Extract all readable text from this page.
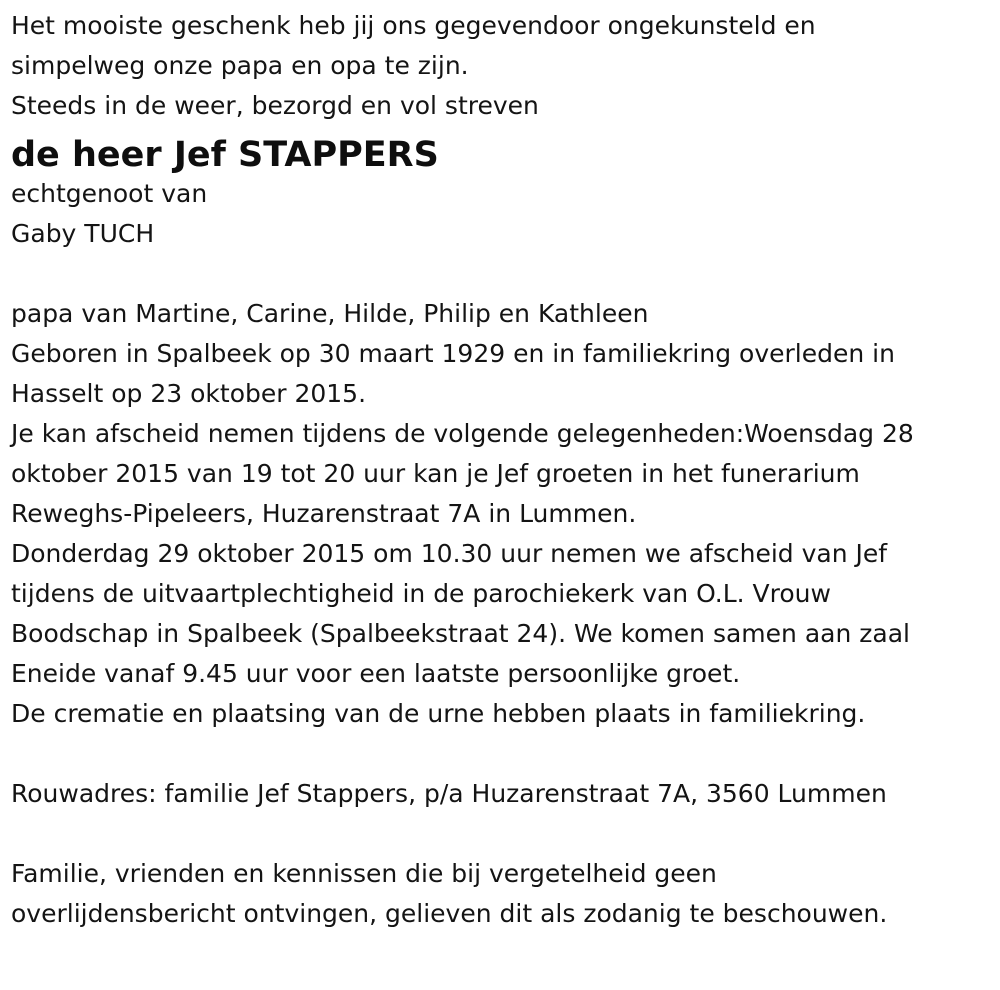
Het mooiste geschenk heb jij ons gegevendoor ongekunsteld en
simpelweg onze papa en opa te zijn.
Steeds in de weer, bezorgd en vol streven
de heer Jef STAPPERS
echtgenoot van
Gaby TUCH
papa van Martine, Carine, Hilde, Philip en Kathleen
Geboren in Spalbeek op 30 maart 1929 en in familiekring overleden in
Hasselt op 23 oktober 2015.
Je kan afscheid nemen tijdens de volgende gelegenheden:Woensdag 28
oktober 2015 van 19 tot 20 uur kan je Jef groeten in het funerarium
Reweghs-Pipeleers, Huzarenstraat 7A in Lummen.
Donderdag 29 oktober 2015 om 10.30 uur nemen we afscheid van Jef
tijdens de uitvaartplechtigheid in de parochiekerk van O.L. Vrouw
Boodschap in Spalbeek (Spalbeekstraat 24). We komen samen aan zaal
Eneide vanaf 9.45 uur voor een laatste persoonlijke groet.
De crematie en plaatsing van de urne hebben plaats in familiekring.
Rouwadres: familie Jef Stappers, p/a Huzarenstraat 7A, 3560 Lummen
Familie, vrienden en kennissen die bij vergetelheid geen
overlijdensbericht ontvingen, gelieven dit als zodanig te beschouwen.
